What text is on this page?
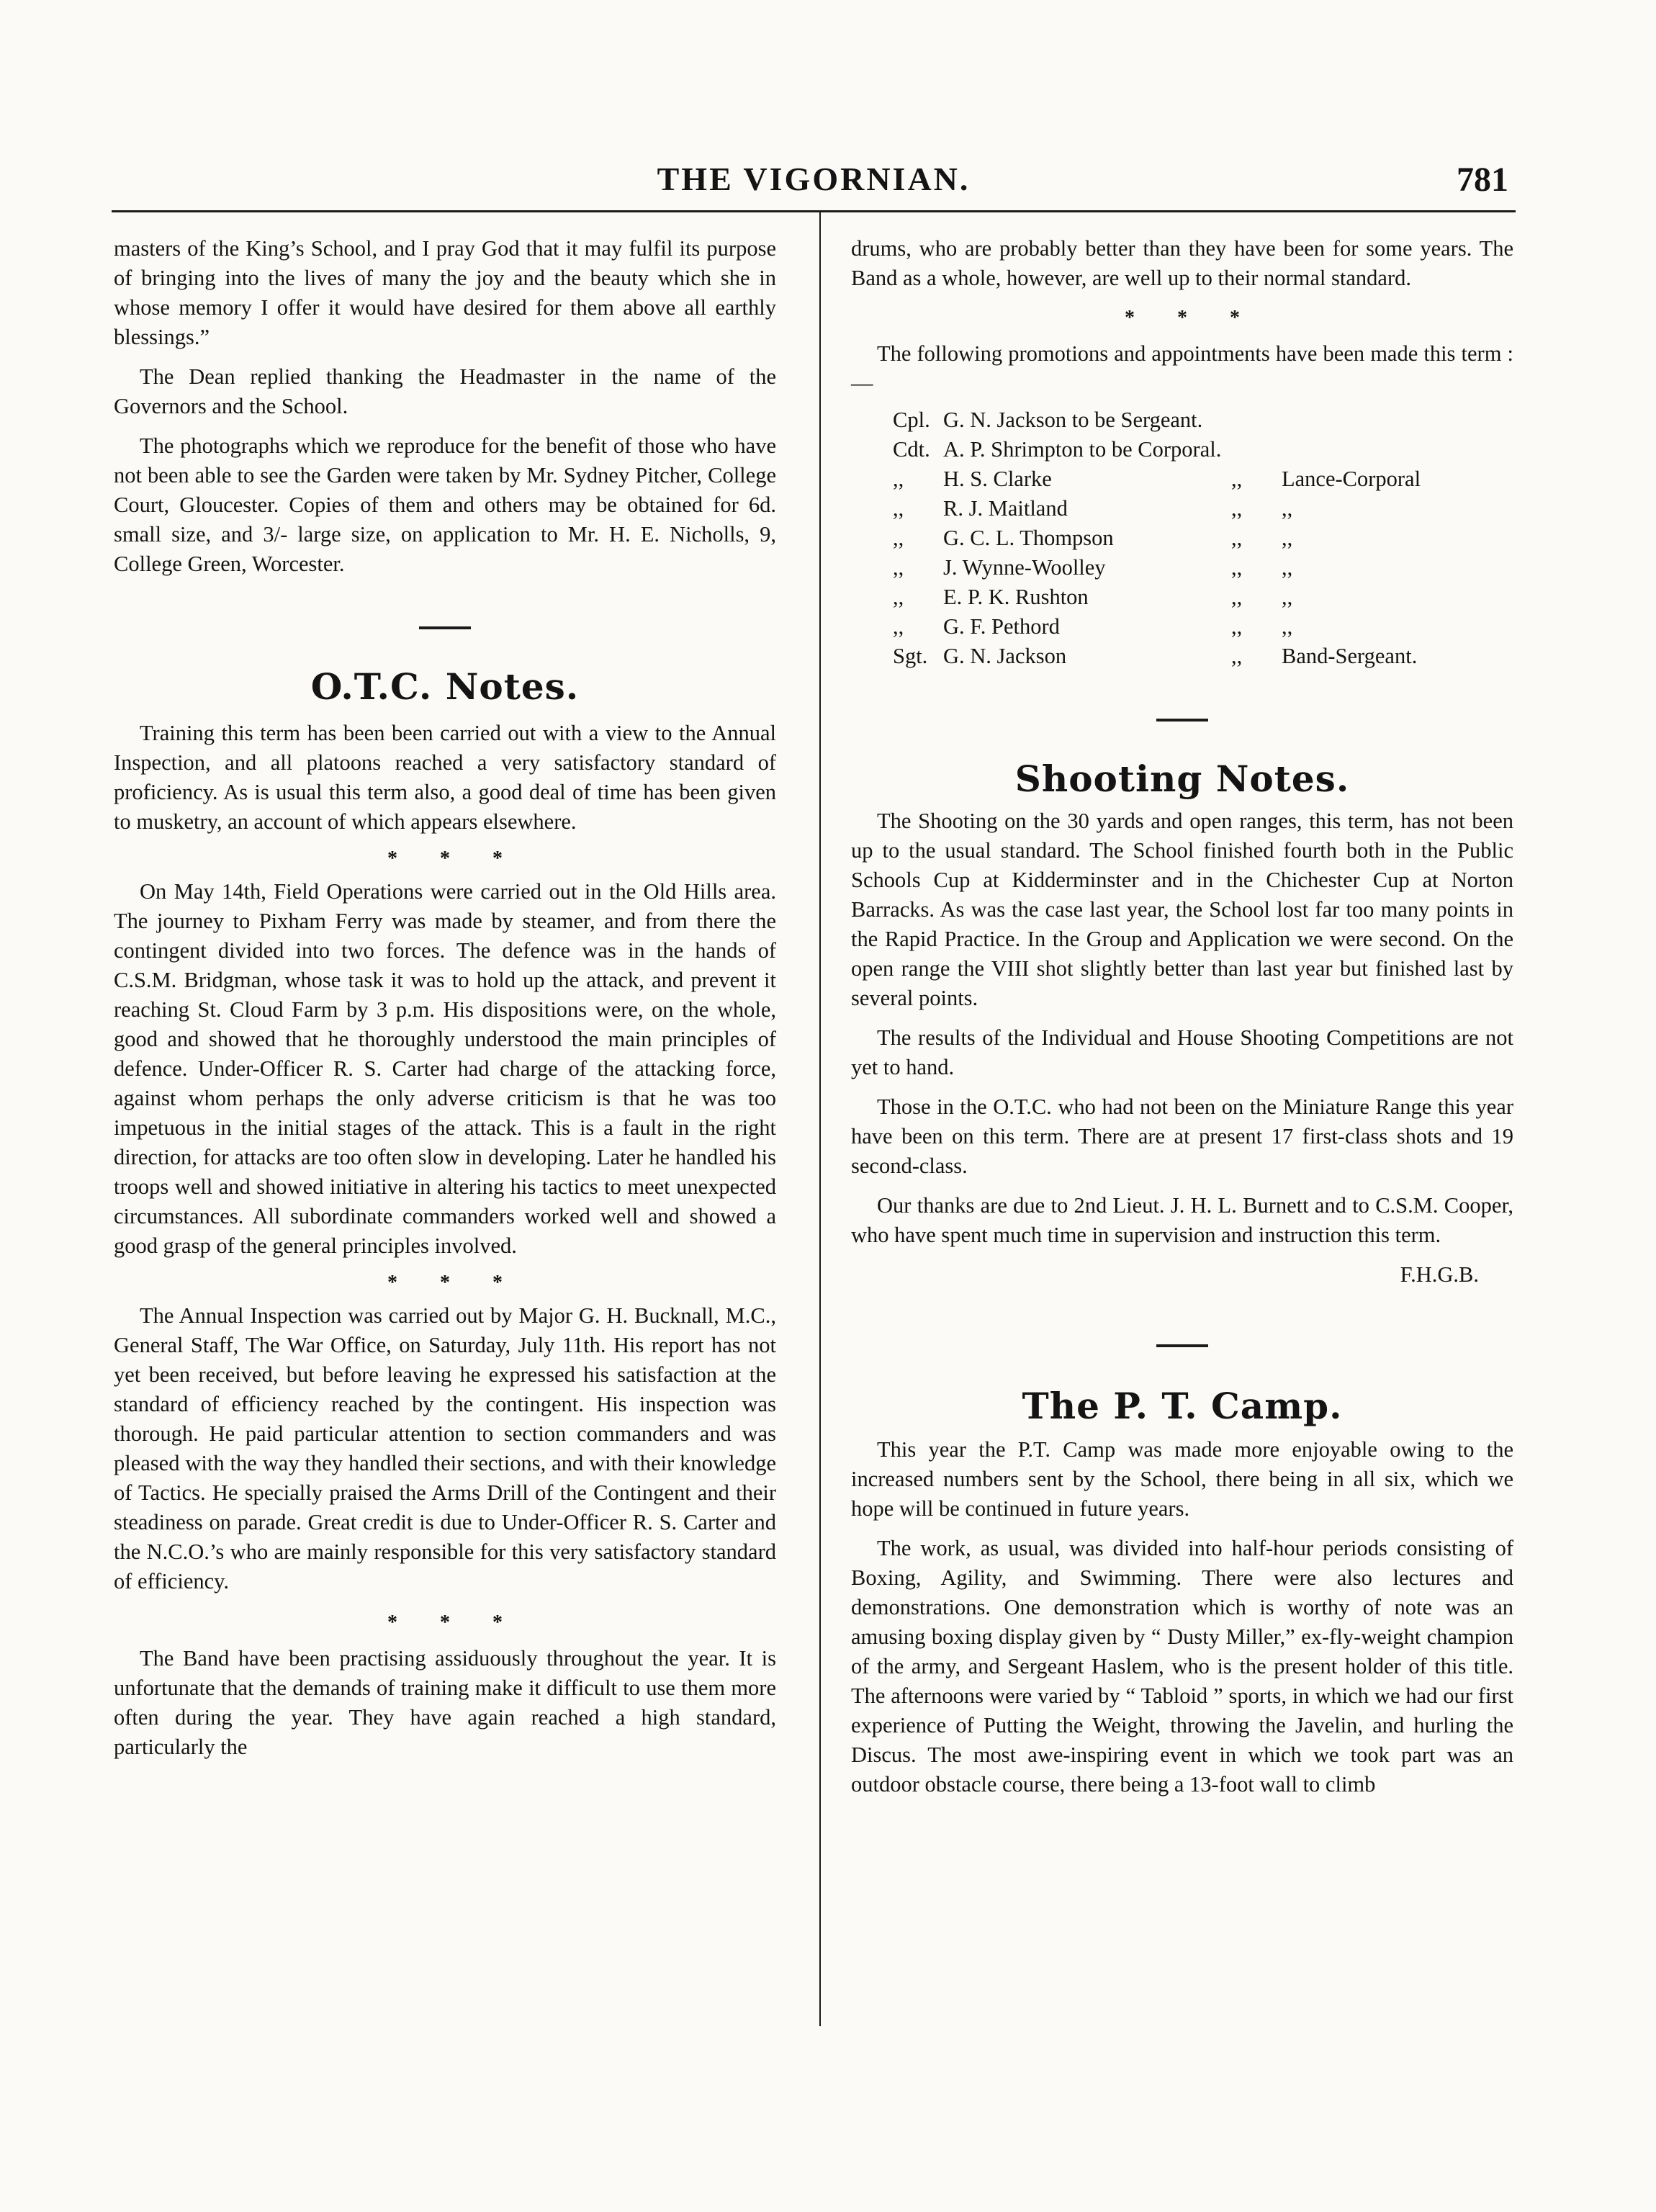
THE VIGORNIAN.	781

masters of the King’s School, and I pray God that it may fulfil its purpose of bringing into the lives of many the joy and the beauty which she in whose memory I offer it would have desired for them above all earthly blessings.”

The Dean replied thanking the Headmaster in the name of the Governors and the School.

The photographs which we reproduce for the benefit of those who have not been able to see the Garden were taken by Mr. Sydney Pitcher, College Court, Gloucester. Copies of them and others may be obtained for 6d. small size, and 3/- large size, on application to Mr. H. E. Nicholls, 9, College Green, Worcester.

O.T.C. Notes.

Training this term has been been carried out with a view to the Annual Inspection, and all platoons reached a very satisfactory standard of proficiency. As is usual this term also, a good deal of time has been given to musketry, an account of which appears elsewhere.

* * *

On May 14th, Field Operations were carried out in the Old Hills area. The journey to Pixham Ferry was made by steamer, and from there the contingent divided into two forces. The defence was in the hands of C.S.M. Bridgman, whose task it was to hold up the attack, and prevent it reaching St. Cloud Farm by 3 p.m. His dispositions were, on the whole, good and showed that he thoroughly understood the main principles of defence. Under-Officer R. S. Carter had charge of the attacking force, against whom perhaps the only adverse criticism is that he was too impetuous in the initial stages of the attack. This is a fault in the right direction, for attacks are too often slow in developing. Later he handled his troops well and showed initiative in altering his tactics to meet unexpected circumstances. All subordinate commanders worked well and showed a good grasp of the general principles involved.

* * *

The Annual Inspection was carried out by Major G. H. Bucknall, M.C., General Staff, The War Office, on Saturday, July 11th. His report has not yet been received, but before leaving he expressed his satisfaction at the standard of efficiency reached by the contingent. His inspection was thorough. He paid particular attention to section commanders and was pleased with the way they handled their sections, and with their knowledge of Tactics. He specially praised the Arms Drill of the Contingent and their steadiness on parade. Great credit is due to Under-Officer R. S. Carter and the N.C.O.’s who are mainly responsible for this very satisfactory standard of efficiency.

* * *

The Band have been practising assiduously throughout the year. It is unfortunate that the demands of training make it difficult to use them more often during the year. They have again reached a high standard, particularly the

drums, who are probably better than they have been for some years. The Band as a whole, however, are well up to their normal standard.

* * *

The following promotions and appointments have been made this term :—

Cpl.	G. N. Jackson to be Sergeant.		
Cdt.	A. P. Shrimpton to be Corporal.		
,,	H. S. Clarke	,,	Lance-Corporal
,,	R. J. Maitland	,,	,,
,,	G. C. L. Thompson	,,	,,
,,	J. Wynne-Woolley	,,	,,
,,	E. P. K. Rushton	,,	,,
,,	G. F. Pethord	,,	,,
Sgt.	G. N. Jackson	,,	Band-Sergeant.
Shooting Notes.

The Shooting on the 30 yards and open ranges, this term, has not been up to the usual standard. The School finished fourth both in the Public Schools Cup at Kidderminster and in the Chichester Cup at Norton Barracks. As was the case last year, the School lost far too many points in the Rapid Practice. In the Group and Application we were second. On the open range the VIII shot slightly better than last year but finished last by several points.

The results of the Individual and House Shooting Competitions are not yet to hand.

Those in the O.T.C. who had not been on the Miniature Range this year have been on this term. There are at present 17 first-class shots and 19 second-class.

Our thanks are due to 2nd Lieut. J. H. L. Burnett and to C.S.M. Cooper, who have spent much time in supervision and instruction this term.

F.H.G.B.
The P. T. Camp.

This year the P.T. Camp was made more enjoyable owing to the increased numbers sent by the School, there being in all six, which we hope will be continued in future years.

The work, as usual, was divided into half-hour periods consisting of Boxing, Agility, and Swimming. There were also lectures and demonstrations. One demonstration which is worthy of note was an amusing boxing display given by “ Dusty Miller,” ex-fly-weight champion of the army, and Sergeant Haslem, who is the present holder of this title. The afternoons were varied by “ Tabloid ” sports, in which we had our first experience of Putting the Weight, throwing the Javelin, and hurling the Discus. The most awe-inspiring event in which we took part was an outdoor obstacle course, there being a 13-foot wall to climb
